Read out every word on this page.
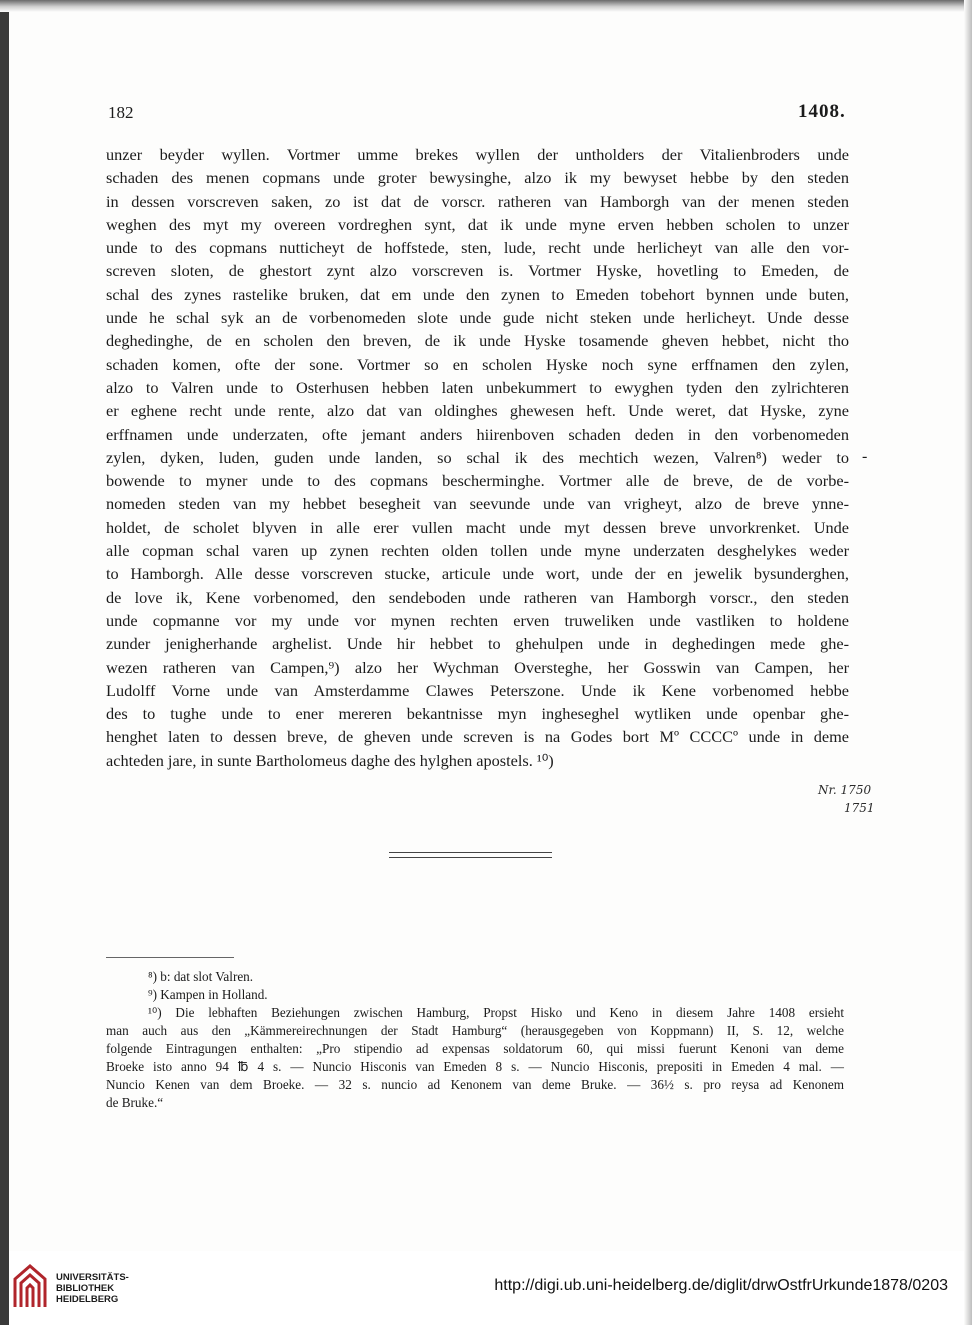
182	1408.
unzer beyder wyllen. Vortmer umme brekes wyllen der untholders der Vitalienbroders unde
schaden des menen copmans unde groter bewysinghe, alzo ik my bewyset hebbe by den steden
in dessen vorscreven saken, zo ist dat de vorscr. ratheren van Hamborgh van der menen steden
weghen des myt my overeen vordreghen synt, dat ik unde myne erven hebben scholen to unzer
unde to des copmans nutticheyt de hoffstede, sten, lude, recht unde herlicheyt van alle den vor-
screven sloten, de ghestort zynt alzo vorscreven is. Vortmer Hyske, hovetling to Emeden, de
schal des zynes rastelike bruken, dat em unde den zynen to Emeden tobehort bynnen unde buten,
unde he schal syk an de vorbenomeden slote unde gude nicht steken unde herlicheyt. Unde desse
deghedinghe, de en scholen den breven, de ik unde Hyske tosamende gheven hebbet, nicht tho
schaden komen, ofte der sone. Vortmer so en scholen Hyske noch syne erffnamen den zylen,
alzo to Valren unde to Osterhusen hebben laten unbekummert to ewyghen tyden den zylrichteren
er eghene recht unde rente, alzo dat van oldinghes ghewesen heft. Unde weret, dat Hyske, zyne
erffnamen unde underzaten, ofte jemant anders hiirenboven schaden deden in den vorbenomeden
zylen, dyken, luden, guden unde landen, so schal ik des mechtich wezen, Valren⁸) weder to
bowende to myner unde to des copmans bescherminghe. Vortmer alle de breve, de de vorbe-
nomeden steden van my hebbet besegheit van seevunde unde van vrigheyt, alzo de breve ynne-
holdet, de scholet blyven in alle erer vullen macht unde myt dessen breve unvorkrenket. Unde
alle copman schal varen up zynen rechten olden tollen unde myne underzaten desghelykes weder
to Hamborgh. Alle desse vorscreven stucke, articule unde wort, unde der en jewelik bysunderghen,
de love ik, Kene vorbenomed, den sendeboden unde ratheren van Hamborgh vorscr., den steden
unde copmanne vor my unde vor mynen rechten erven truweliken unde vastliken to holdene
zunder jenigherhande arghelist. Unde hir hebbet to ghehulpen unde in deghedingen mede ghe-
wezen ratheren van Campen,⁹) alzo her Wychman Oversteghe, her Gosswin van Campen, her
Ludolff Vorne unde van Amsterdamme Clawes Peterszone. Unde ik Kene vorbenomed hebbe
des to tughe unde to ener mereren bekantnisse myn ingheseghel wytliken unde openbar ghe-
henghet laten to dessen breve, de gheven unde screven is na Godes bort Mº CCCCº unde in deme
achteden jare, in sunte Bartholomeus daghe des hylghen apostels. ¹⁰)
-
Nr. 1750
1751
⁸) b: dat slot Valren.
⁹) Kampen in Holland.
¹⁰) Die lebhaften Beziehungen zwischen Hamburg, Propst Hisko und Keno in diesem Jahre 1408 ersieht
man auch aus den „Kämmereirechnungen der Stadt Hamburg“ (herausgegeben von Koppmann) II, S. 12, welche
folgende Eintragungen enthalten: „Pro stipendio ad expensas soldatorum 60, qui missi fuerunt Kenoni van deme
Broeke isto anno 94 ℔ 4 s. — Nuncio Hisconis van Emeden 8 s. — Nuncio Hisconis, prepositi in Emeden 4 mal. —
Nuncio Kenen van dem Broeke. — 32 s. nuncio ad Kenonem van deme Bruke. — 36½ s. pro reysa ad Kenonem
de Bruke.“
UNIVERSITÄTS-
BIBLIOTHEK
HEIDELBERG
http://digi.ub.uni-heidelberg.de/diglit/drwOstfrUrkunde1878/0203
